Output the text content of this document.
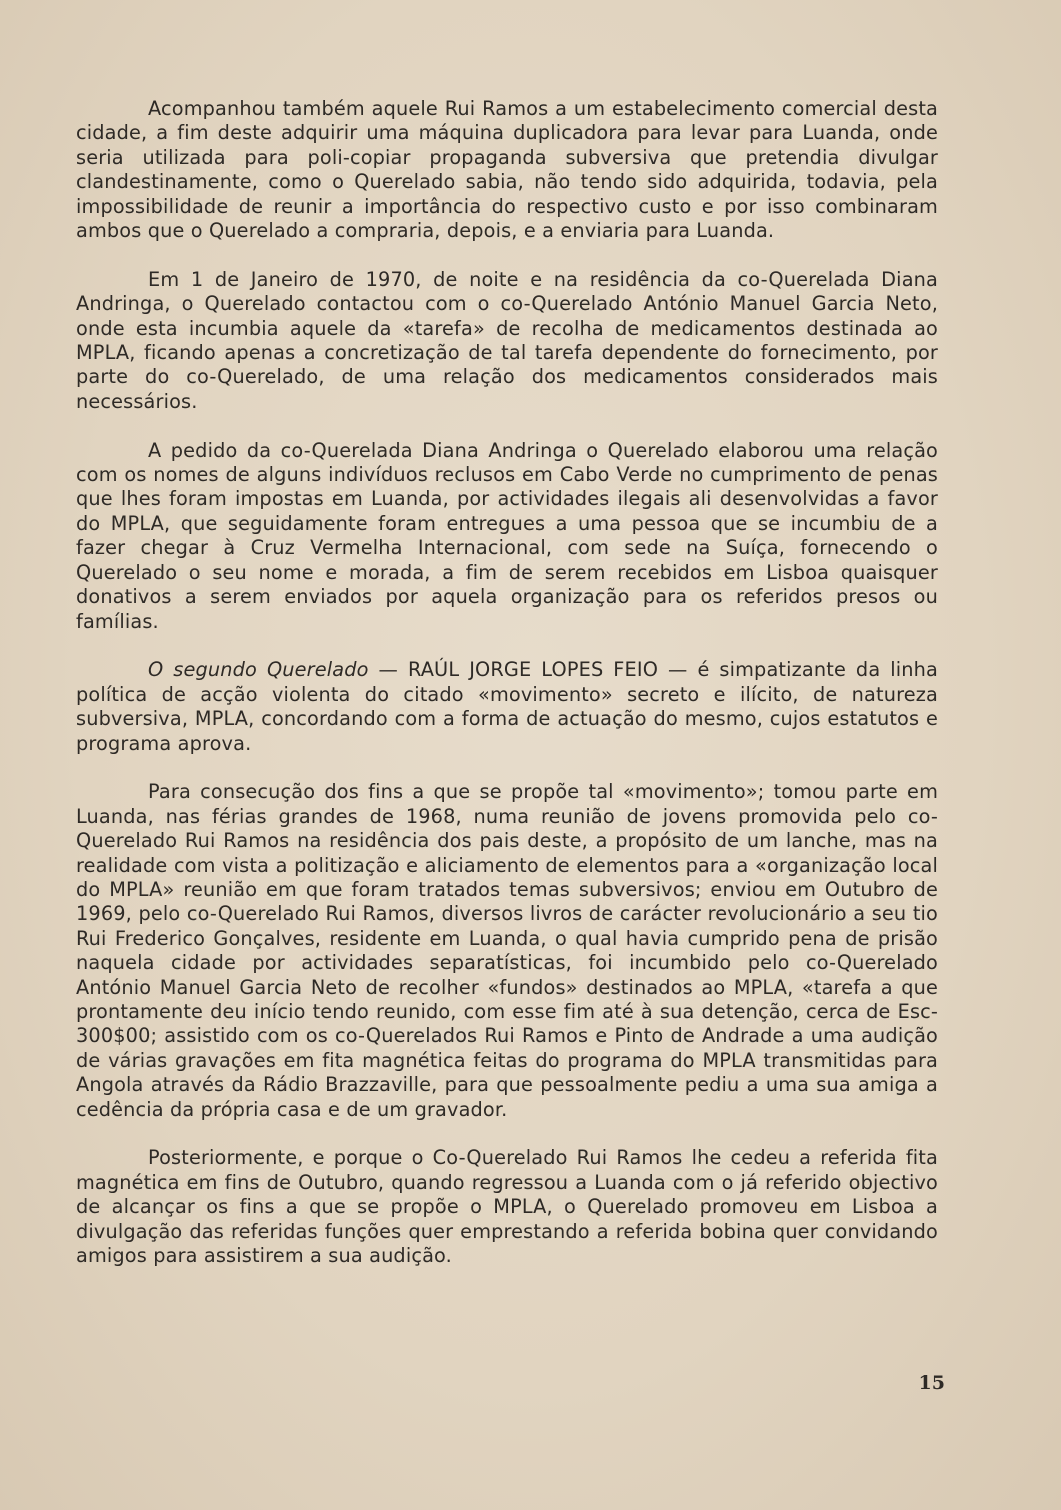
Acompanhou também aquele Rui Ramos a um estabelecimento comercial desta cidade, a fim deste adquirir uma máquina duplicadora para levar para Luanda, onde seria utilizada para poli-copiar propaganda subversiva que pretendia divulgar clandestinamente, como o Querelado sabia, não tendo sido adquirida, todavia, pela impossibilidade de reunir a importância do respectivo custo e por isso combinaram ambos que o Querelado a compraria, depois, e a enviaria para Luanda.

Em 1 de Janeiro de 1970, de noite e na residência da co-Querelada Diana Andringa, o Querelado contactou com o co-Querelado António Manuel Garcia Neto, onde esta incumbia aquele da «tarefa» de recolha de medicamentos destinada ao MPLA, ficando apenas a concretização de tal tarefa dependente do fornecimento, por parte do co-Querelado, de uma relação dos medicamentos considerados mais necessários.

A pedido da co-Querelada Diana Andringa o Querelado elaborou uma relação com os nomes de alguns indivíduos reclusos em Cabo Verde no cumprimento de penas que lhes foram impostas em Luanda, por actividades ilegais ali desenvolvidas a favor do MPLA, que seguidamente foram entregues a uma pessoa que se incumbiu de a fazer chegar à Cruz Vermelha Internacional, com sede na Suíça, fornecendo o Querelado o seu nome e morada, a fim de serem recebidos em Lisboa quaisquer donativos a serem enviados por aquela organização para os referidos presos ou famílias.

O segundo Querelado — RAÚL JORGE LOPES FEIO — é simpatizante da linha política de acção violenta do citado «movimento» secreto e ilícito, de natureza subversiva, MPLA, concordando com a forma de actuação do mesmo, cujos estatutos e programa aprova.

Para consecução dos fins a que se propõe tal «movimento»; tomou parte em Luanda, nas férias grandes de 1968, numa reunião de jovens promovida pelo co-Querelado Rui Ramos na residência dos pais deste, a propósito de um lanche, mas na realidade com vista a politização e aliciamento de elementos para a «organização local do MPLA» reunião em que foram tratados temas subversivos; enviou em Outubro de 1969, pelo co-Querelado Rui Ramos, diversos livros de carácter revolucionário a seu tio Rui Frederico Gonçalves, residente em Luanda, o qual havia cumprido pena de prisão naquela cidade por actividades separatísticas, foi incumbido pelo co-Querelado António Manuel Garcia Neto de recolher «fundos» destinados ao MPLA, «tarefa a que prontamente deu início tendo reunido, com esse fim até à sua detenção, cerca de Esc-300$00; assistido com os co-Querelados Rui Ramos e Pinto de Andrade a uma audição de várias gravações em fita magnética feitas do programa do MPLA transmitidas para Angola através da Rádio Brazzaville, para que pessoalmente pediu a uma sua amiga a cedência da própria casa e de um gravador.

Posteriormente, e porque o Co-Querelado Rui Ramos lhe cedeu a referida fita magnética em fins de Outubro, quando regressou a Luanda com o já referido objectivo de alcançar os fins a que se propõe o MPLA, o Querelado promoveu em Lisboa a divulgação das referidas funções quer emprestando a referida bobina quer convidando amigos para assistirem a sua audição.

15
